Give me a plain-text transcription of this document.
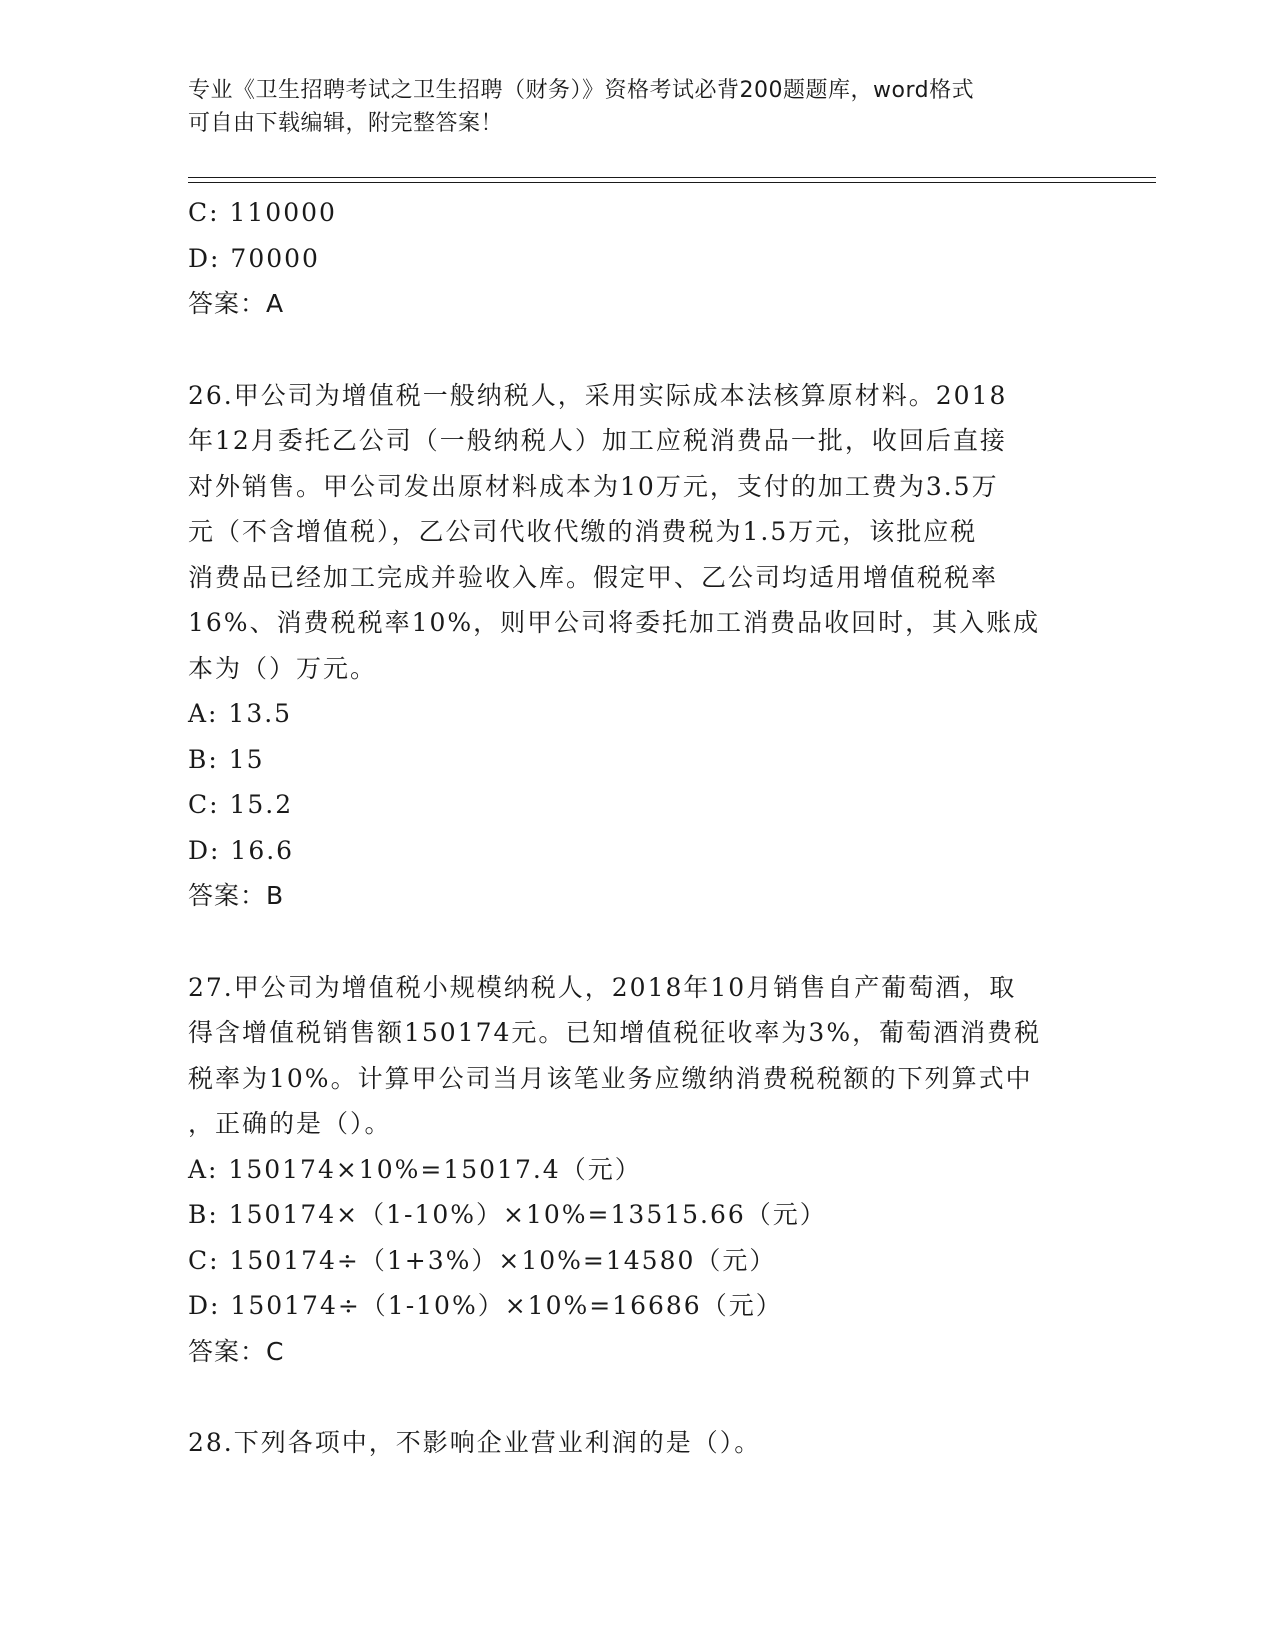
专业《卫生招聘考试之卫生招聘（财务）》资格考试必背200题题库，word格式
可自由下载编辑，附完整答案！
C: 110000
D: 70000
答案：A
26.甲公司为增值税一般纳税人，采用实际成本法核算原材料。2018
年12月委托乙公司（一般纳税人）加工应税消费品一批，收回后直接
对外销售。甲公司发出原材料成本为10万元，支付的加工费为3.5万
元（不含增值税），乙公司代收代缴的消费税为1.5万元，该批应税
消费品已经加工完成并验收入库。假定甲、乙公司均适用增值税税率
16%、消费税税率10%，则甲公司将委托加工消费品收回时，其入账成
本为（）万元。
A: 13.5
B: 15
C: 15.2
D: 16.6
答案：B
27.甲公司为增值税小规模纳税人，2018年10月销售自产葡萄酒，取
得含增值税销售额150174元。已知增值税征收率为3%，葡萄酒消费税
税率为10%。计算甲公司当月该笔业务应缴纳消费税税额的下列算式中
，正确的是（）。
A: 150174×10%=15017.4（元）
B: 150174×（1-10%）×10%=13515.66（元）
C: 150174÷（1+3%）×10%=14580（元）
D: 150174÷（1-10%）×10%=16686（元）
答案：C
28.下列各项中，不影响企业营业利润的是（）。
